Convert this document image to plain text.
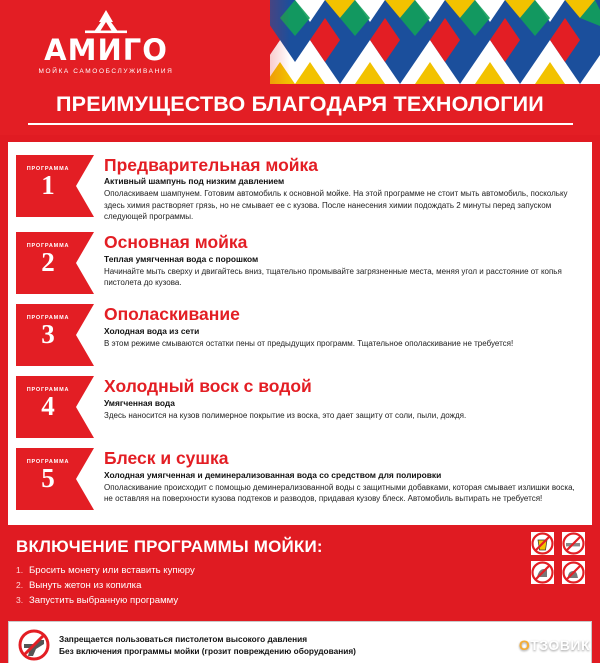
АМИГО
МОЙКА САМООБСЛУЖИВАНИЯ
ПРЕИМУЩЕСТВО БЛАГОДАРЯ ТЕХНОЛОГИИ
ПРОГРАММА
1
Предварительная мойка
Активный шампунь под низким давлением
Ополаскиваем шампунем. Готовим автомобиль к основной мойке. На этой программе не стоит мыть автомобиль, поскольку здесь химия растворяет грязь, но не смывает ее с кузова. После нанесения химии подождать 2 минуты перед запуском следующей программы.
ПРОГРАММА
2
Основная мойка
Теплая умягченная вода с порошком
Начинайте мыть сверху и двигайтесь вниз, тщательно промывайте загрязненные места, меняя угол и расстояние от копья пистолета до кузова.
ПРОГРАММА
3
Ополаскивание
Холодная вода из сети
В этом режиме смываются остатки пены от предыдущих программ. Тщательное ополаскивание не требуется!
ПРОГРАММА
4
Холодный воск с водой
Умягченная вода
Здесь наносится на кузов полимерное покрытие из воска, это дает защиту от соли, пыли, дождя.
ПРОГРАММА
5
Блеск и сушка
Холодная умягченная и деминерализованная вода со средством для полировки
Ополаскивание происходит с помощью деминерализованной воды с защитными добавками, которая смывает излишки воска, не оставляя на поверхности кузова подтеков и разводов, придавая кузову блеск. Автомобиль вытирать не требуется!
ВКЛЮЧЕНИЕ ПРОГРАММЫ МОЙКИ:
1. Бросить монету или вставить купюру
2. Вынуть жетон из копилка
3. Запустить выбранную программу
Запрещается пользоваться пистолетом высокого давления
Без включения программы мойки (грозит повреждению оборудования)	ОТЗОВИК
